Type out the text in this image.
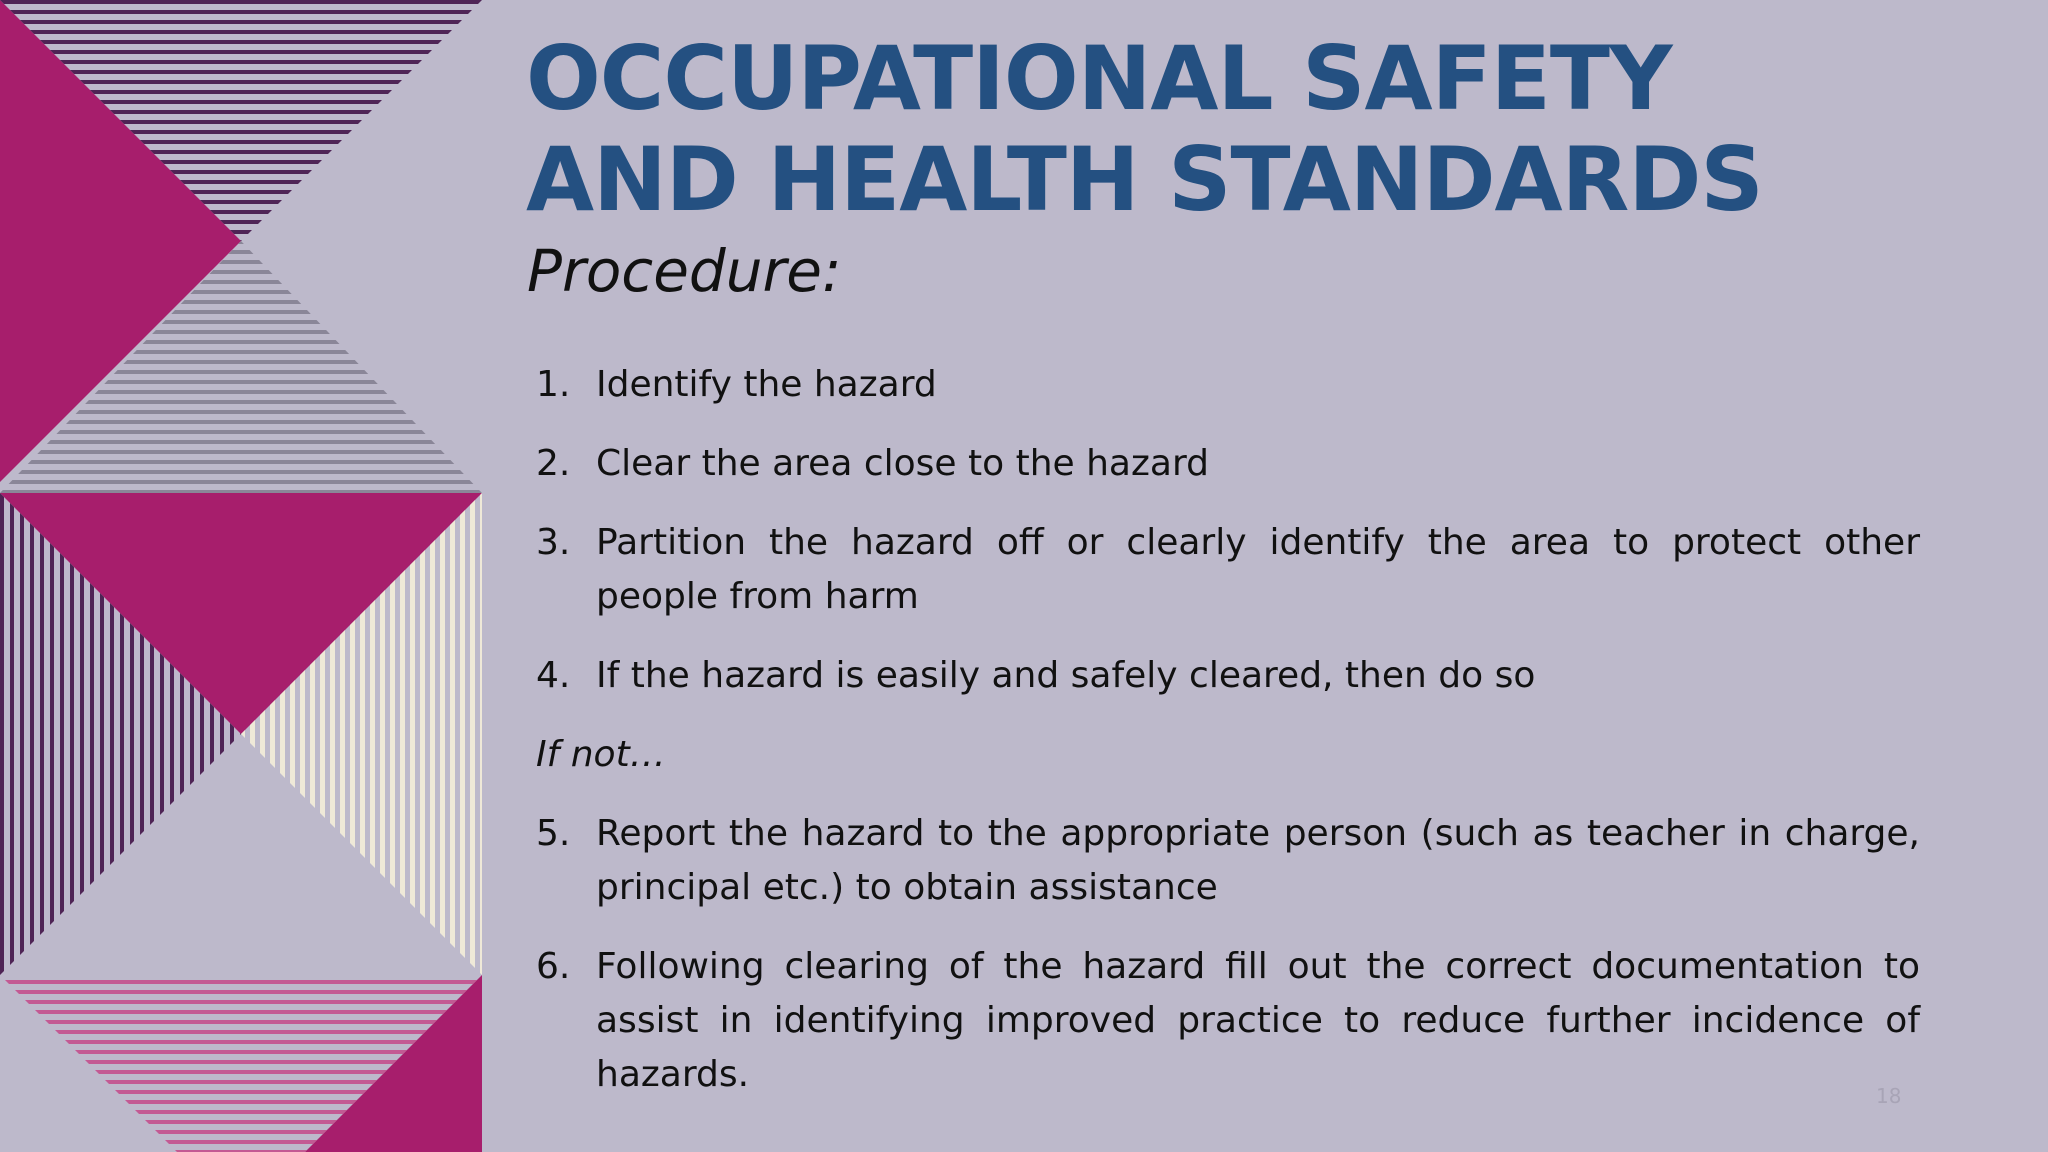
OCCUPATIONAL SAFETY
AND HEALTH STANDARDS
Procedure:
1. Identify the hazard
2. Clear the area close to the hazard
3. Partition the hazard off or clearly identify the area to protect other people from harm
4. If the hazard is easily and safely cleared, then do so
If not…
5. Report the hazard to the appropriate person (such as teacher in charge, principal etc.) to obtain assistance
6. Following clearing of the hazard fill out the correct documentation to assist in identifying improved practice to reduce further incidence of hazards.
18
